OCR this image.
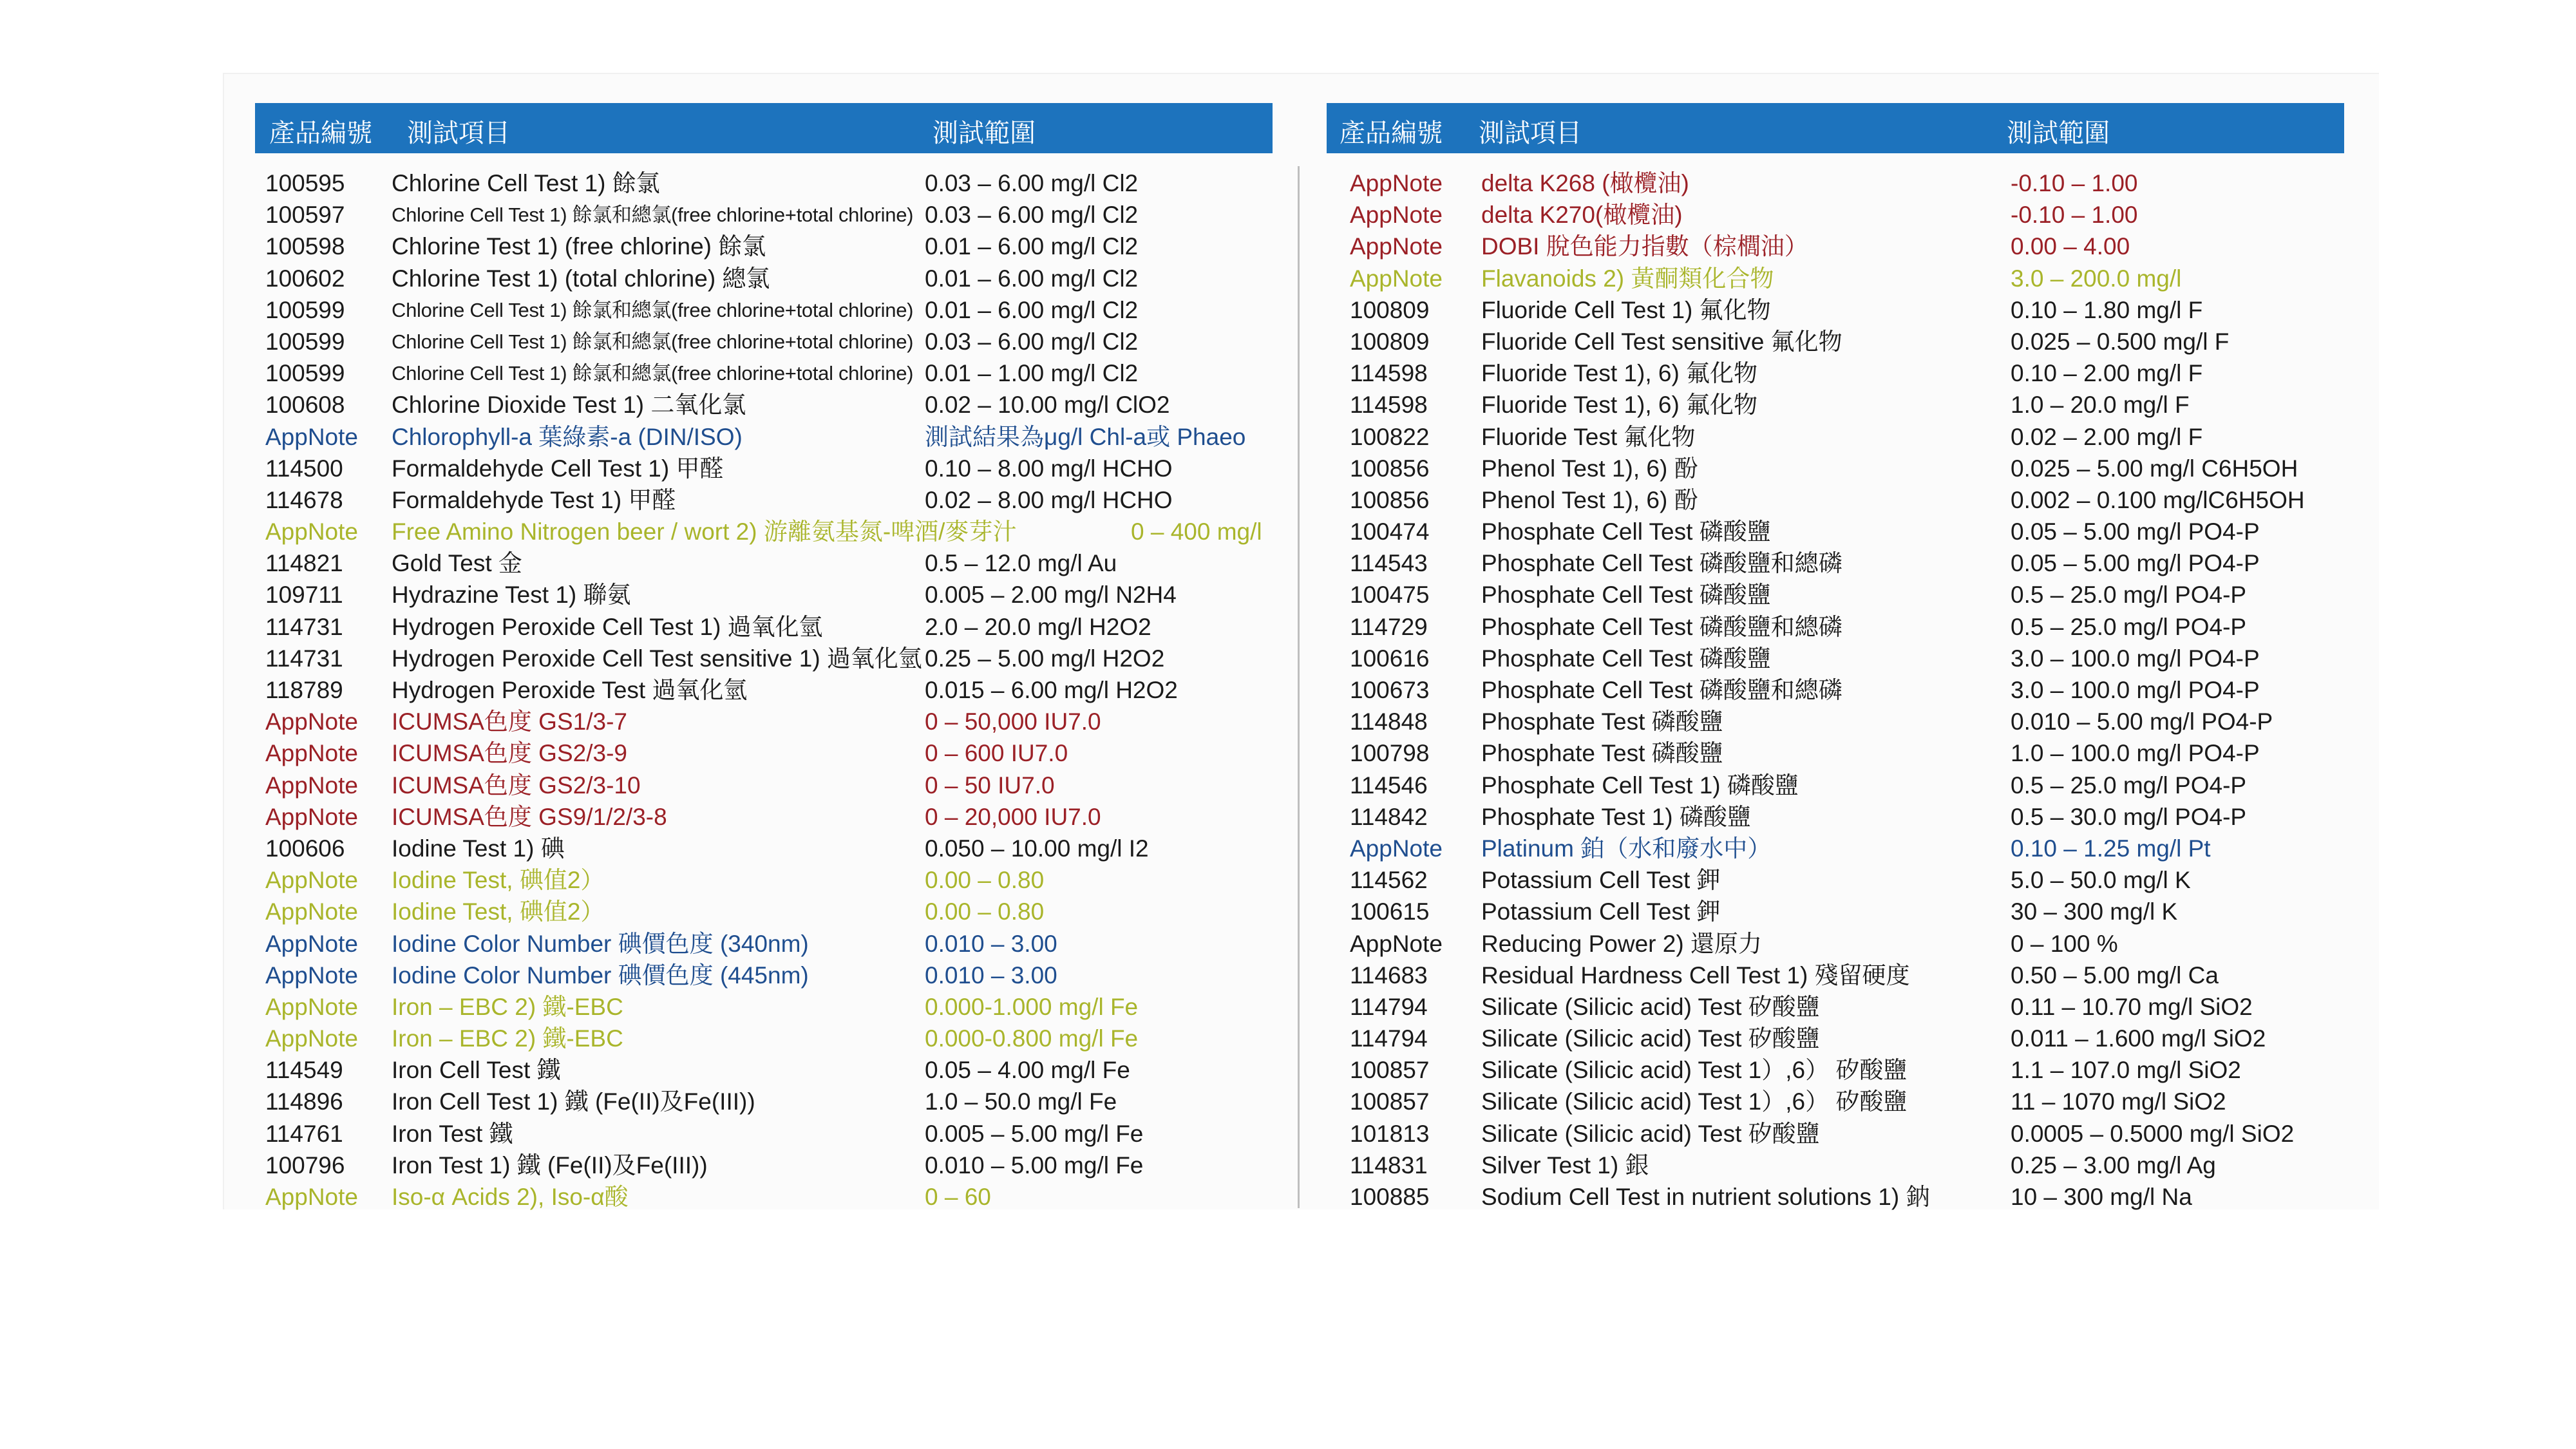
產品編號 測試項目	測試範圍
100595 Chlorine Cell Test 1) 餘氯	0.03 – 6.00 mg/l Cl2
100597 Chlorine Cell Test 1) 餘氯和總氯(free chlorine+total chlorine) 0.03 – 6.00 mg/l Cl2
100598 Chlorine Test 1) (free chlorine) 餘氯	0.01 – 6.00 mg/l Cl2
100602 Chlorine Test 1) (total chlorine) 總氯	0.01 – 6.00 mg/l Cl2
100599 Chlorine Cell Test 1) 餘氯和總氯(free chlorine+total chlorine) 0.01 – 6.00 mg/l Cl2
100599 Chlorine Cell Test 1) 餘氯和總氯(free chlorine+total chlorine) 0.03 – 6.00 mg/l Cl2
100599 Chlorine Cell Test 1) 餘氯和總氯(free chlorine+total chlorine) 0.01 – 1.00 mg/l Cl2
100608 Chlorine Dioxide Test 1) 二氧化氯	0.02 – 10.00 mg/l ClO2
AppNote Chlorophyll-a 葉綠素-a (DIN/ISO)	測試結果為μg/l Chl-a或 Phaeo
114500 Formaldehyde Cell Test 1) 甲醛	0.10 – 8.00 mg/l HCHO
114678 Formaldehyde Test 1) 甲醛	0.02 – 8.00 mg/l HCHO
AppNote Free Amino Nitrogen beer / wort 2) 游離氨基氮-啤酒/麥芽汁	0 – 400 mg/l
114821 Gold Test 金	0.5 – 12.0 mg/l Au
109711 Hydrazine Test 1) 聯氨	0.005 – 2.00 mg/l N2H4
114731 Hydrogen Peroxide Cell Test 1) 過氧化氫	2.0 – 20.0 mg/l H2O2
114731 Hydrogen Peroxide Cell Test sensitive 1) 過氧化氫 0.25 – 5.00 mg/l H2O2
118789 Hydrogen Peroxide Test 過氧化氫	0.015 – 6.00 mg/l H2O2
AppNote ICUMSA色度 GS1/3-7	0 – 50,000 IU7.0
AppNote ICUMSA色度 GS2/3-9	0 – 600 IU7.0
AppNote ICUMSA色度 GS2/3-10	0 – 50 IU7.0
AppNote ICUMSA色度 GS9/1/2/3-8	0 – 20,000 IU7.0
100606 Iodine Test 1) 碘	0.050 – 10.00 mg/l I2
AppNote Iodine Test, 碘值2）	0.00 – 0.80
AppNote Iodine Test, 碘值2）	0.00 – 0.80
AppNote Iodine Color Number 碘價色度 (340nm)	0.010 – 3.00
AppNote Iodine Color Number 碘價色度 (445nm)	0.010 – 3.00
AppNote Iron – EBC 2) 鐵-EBC	0.000-1.000 mg/l Fe
AppNote Iron – EBC 2) 鐵-EBC	0.000-0.800 mg/l Fe
114549 Iron Cell Test 鐵	0.05 – 4.00 mg/l Fe
114896 Iron Cell Test 1) 鐵 (Fe(II)及Fe(III))	1.0 – 50.0 mg/l Fe
114761 Iron Test 鐵	0.005 – 5.00 mg/l Fe
100796 Iron Test 1) 鐵 (Fe(II)及Fe(III))	0.010 – 5.00 mg/l Fe
AppNote Iso-α Acids 2), Iso-α酸	0 – 60
產品編號 測試項目	測試範圍
AppNote delta K268 (橄欖油)	-0.10 – 1.00
AppNote delta K270(橄欖油)	-0.10 – 1.00
AppNote DOBI 脫色能力指數（棕櫚油）	0.00 – 4.00
AppNote Flavanoids 2) 黃酮類化合物	3.0 – 200.0 mg/l
100809 Fluoride Cell Test 1) 氟化物	0.10 – 1.80 mg/l F
100809 Fluoride Cell Test sensitive 氟化物	0.025 – 0.500 mg/l F
114598 Fluoride Test 1), 6) 氟化物	0.10 – 2.00 mg/l F
114598 Fluoride Test 1), 6) 氟化物	1.0 – 20.0 mg/l F
100822 Fluoride Test 氟化物	0.02 – 2.00 mg/l F
100856 Phenol Test 1), 6) 酚	0.025 – 5.00 mg/l C6H5OH
100856 Phenol Test 1), 6) 酚	0.002 – 0.100 mg/lC6H5OH
100474 Phosphate Cell Test 磷酸鹽	0.05 – 5.00 mg/l PO4-P
114543 Phosphate Cell Test 磷酸鹽和總磷	0.05 – 5.00 mg/l PO4-P
100475 Phosphate Cell Test 磷酸鹽	0.5 – 25.0 mg/l PO4-P
114729 Phosphate Cell Test 磷酸鹽和總磷	0.5 – 25.0 mg/l PO4-P
100616 Phosphate Cell Test 磷酸鹽	3.0 – 100.0 mg/l PO4-P
100673 Phosphate Cell Test 磷酸鹽和總磷	3.0 – 100.0 mg/l PO4-P
114848 Phosphate Test 磷酸鹽	0.010 – 5.00 mg/l PO4-P
100798 Phosphate Test 磷酸鹽	1.0 – 100.0 mg/l PO4-P
114546 Phosphate Cell Test 1) 磷酸鹽	0.5 – 25.0 mg/l PO4-P
114842 Phosphate Test 1) 磷酸鹽	0.5 – 30.0 mg/l PO4-P
AppNote Platinum 鉑（水和廢水中）	0.10 – 1.25 mg/l Pt
114562 Potassium Cell Test 鉀	5.0 – 50.0 mg/l K
100615 Potassium Cell Test 鉀	30 – 300 mg/l K
AppNote Reducing Power 2) 還原力	0 – 100 %
114683 Residual Hardness Cell Test 1) 殘留硬度	0.50 – 5.00 mg/l Ca
114794 Silicate (Silicic acid) Test 矽酸鹽	0.11 – 10.70 mg/l SiO2
114794 Silicate (Silicic acid) Test 矽酸鹽	0.011 – 1.600 mg/l SiO2
100857 Silicate (Silicic acid) Test 1）,6） 矽酸鹽	1.1 – 107.0 mg/l SiO2
100857 Silicate (Silicic acid) Test 1）,6） 矽酸鹽	11 – 1070 mg/l SiO2
101813 Silicate (Silicic acid) Test 矽酸鹽	0.0005 – 0.5000 mg/l SiO2
114831 Silver Test 1) 銀	0.25 – 3.00 mg/l Ag
100885 Sodium Cell Test in nutrient solutions 1) 鈉	10 – 300 mg/l Na
